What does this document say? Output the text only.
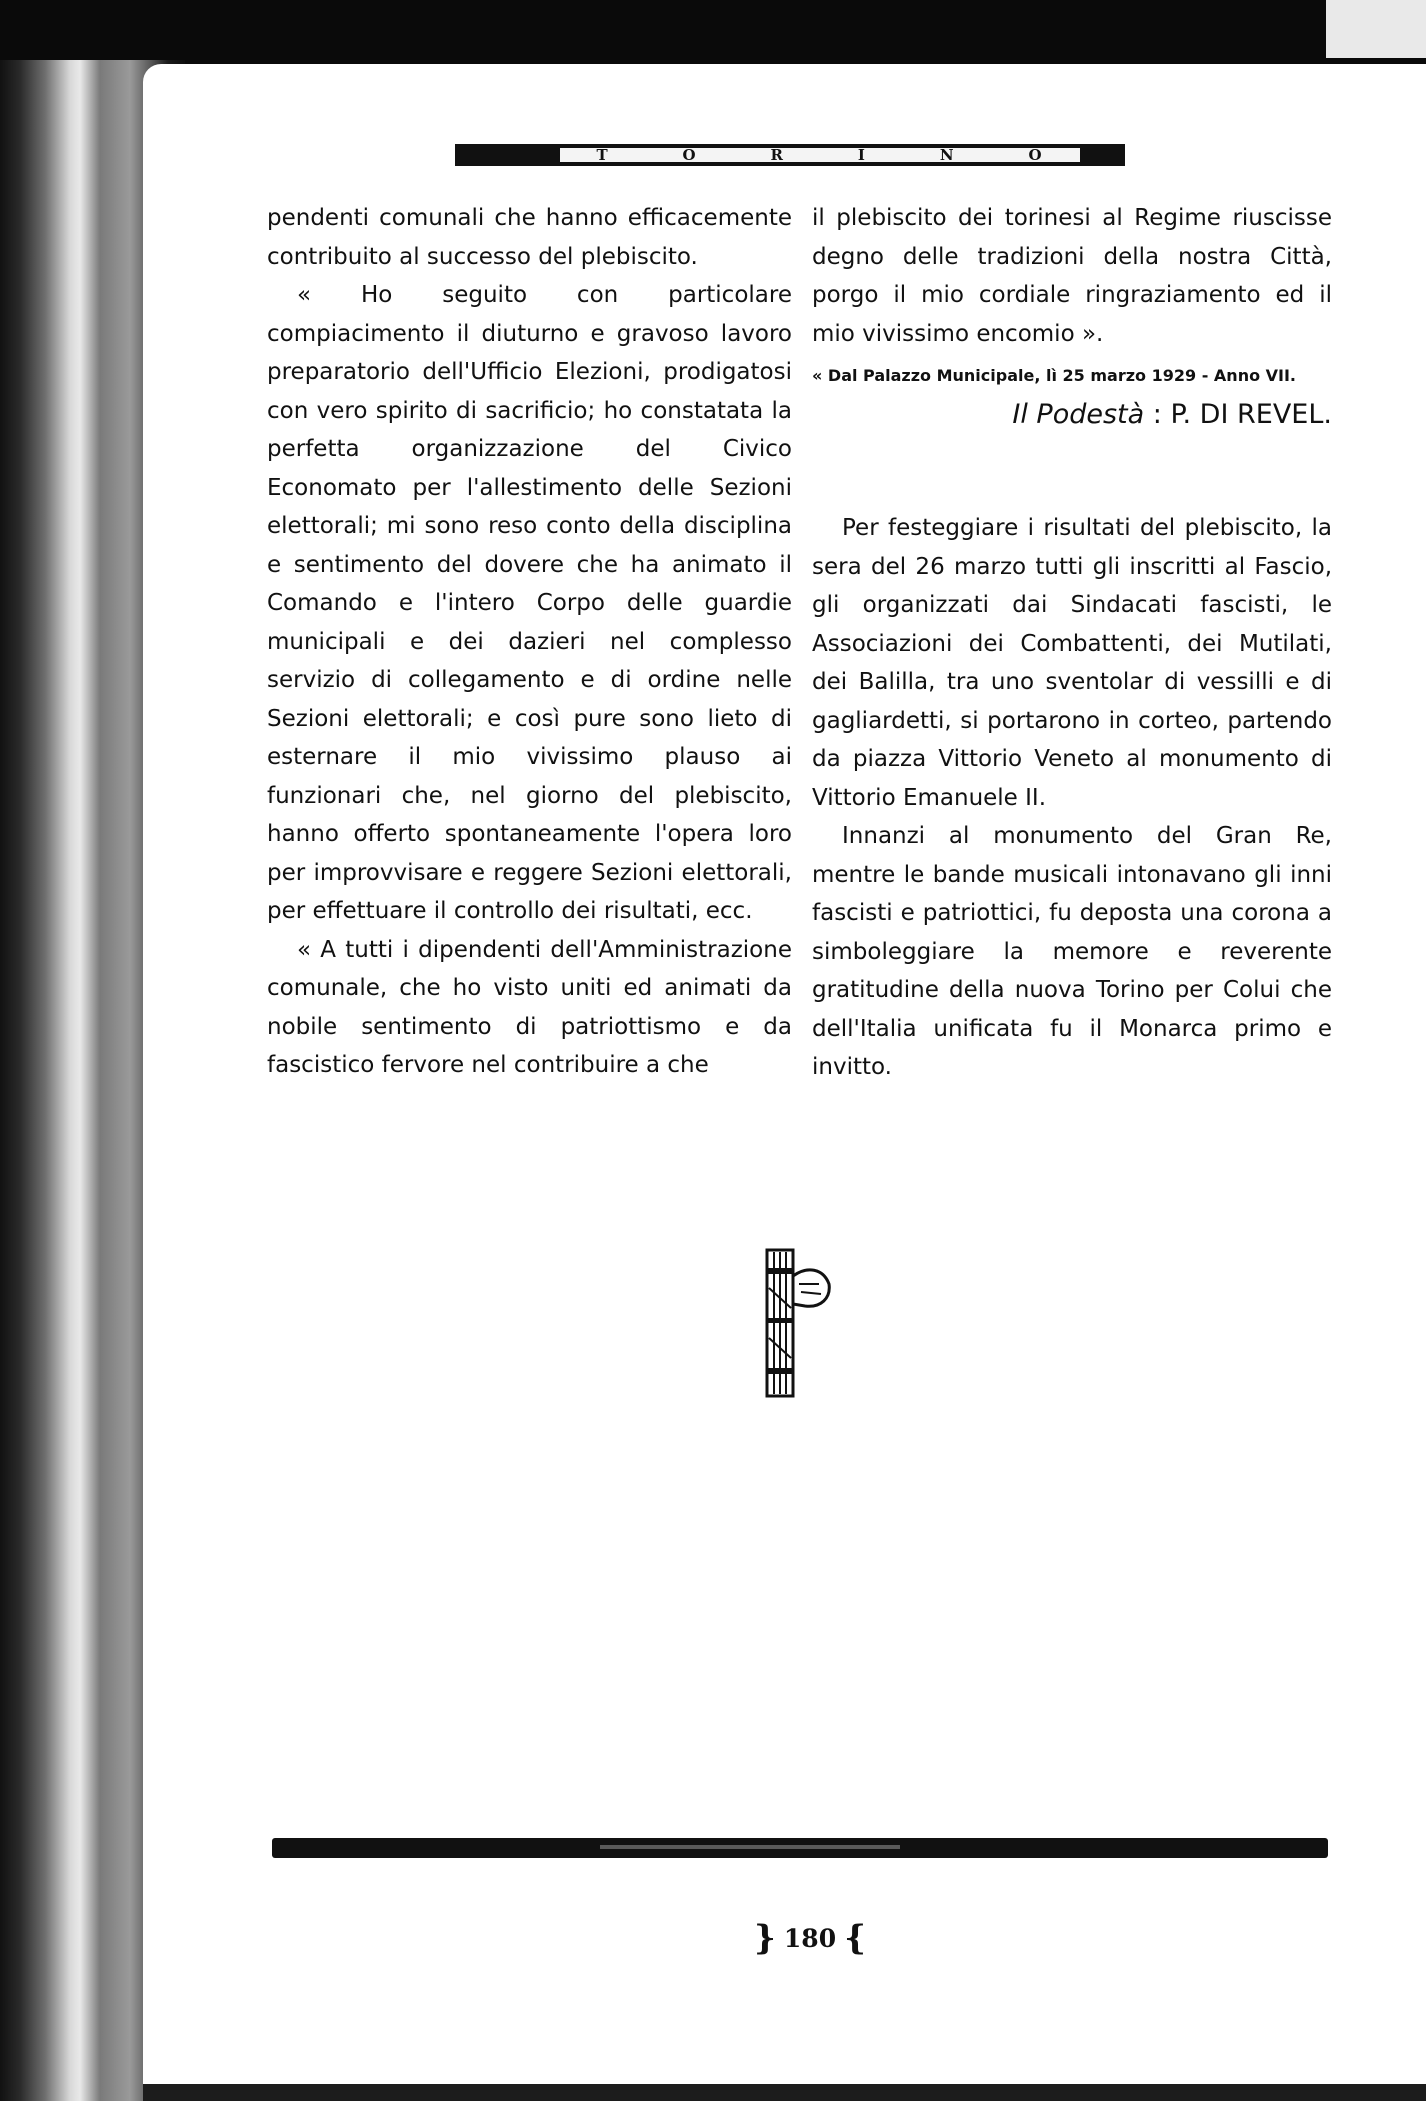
T	O	R	I	N	O

pendenti comunali che hanno efficacemente contribuito al successo del plebiscito.

« Ho seguito con particolare compiacimento il diuturno e gravoso lavoro preparatorio dell'Ufficio Elezioni, prodigatosi con vero spirito di sacrificio; ho constatata la perfetta organizzazione del Civico Economato per l'allestimento delle Sezioni elettorali; mi sono reso conto della disciplina e sentimento del dovere che ha animato il Comando e l'intero Corpo delle guardie municipali e dei dazieri nel complesso servizio di collegamento e di ordine nelle Sezioni elettorali; e così pure sono lieto di esternare il mio vivissimo plauso ai funzionari che, nel giorno del plebiscito, hanno offerto spontaneamente l'opera loro per improvvisare e reggere Sezioni elettorali, per effettuare il controllo dei risultati, ecc.

« A tutti i dipendenti dell'Amministrazione comunale, che ho visto uniti ed animati da nobile sentimento di patriottismo e da fascistico fervore nel contribuire a che

il plebiscito dei torinesi al Regime riuscisse degno delle tradizioni della nostra Città, porgo il mio cordiale ringraziamento ed il mio vivissimo encomio ».

« Dal Palazzo Municipale, lì 25 marzo 1929 - Anno VII.

Il Podestà : P. DI REVEL.

Per festeggiare i risultati del plebiscito, la sera del 26 marzo tutti gli inscritti al Fascio, gli organizzati dai Sindacati fascisti, le Associazioni dei Combattenti, dei Mutilati, dei Balilla, tra uno sventolar di vessilli e di gagliardetti, si portarono in corteo, partendo da piazza Vittorio Veneto al monumento di Vittorio Emanuele II.

Innanzi al monumento del Gran Re, mentre le bande musicali intonavano gli inni fascisti e patriottici, fu deposta una corona a simboleggiare la memore e reverente gratitudine della nuova Torino per Colui che dell'Italia unificata fu il Monarca primo e invitto.

} 180 {
